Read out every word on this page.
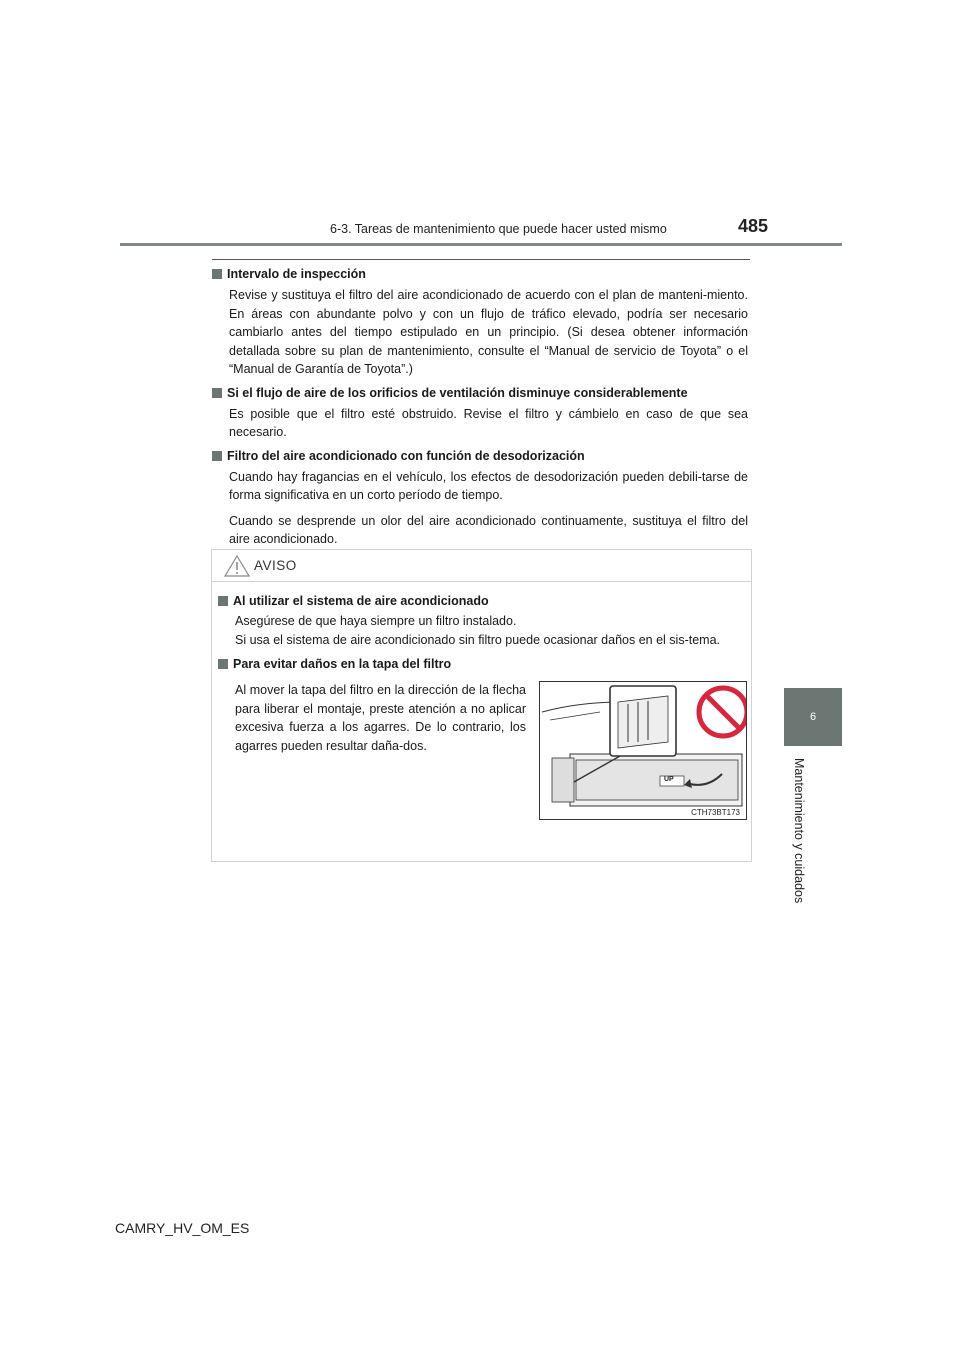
6-3. Tareas de mantenimiento que puede hacer usted mismo	485
6
Mantenimiento y cuidados
Intervalo de inspección

Revise y sustituya el filtro del aire acondicionado de acuerdo con el plan de manteni-miento. En áreas con abundante polvo y con un flujo de tráfico elevado, podría ser necesario cambiarlo antes del tiempo estipulado en un principio. (Si desea obtener información detallada sobre su plan de mantenimiento, consulte el “Manual de servicio de Toyota” o el “Manual de Garantía de Toyota”.)

Si el flujo de aire de los orificios de ventilación disminuye considerablemente

Es posible que el filtro esté obstruido. Revise el filtro y cámbielo en caso de que sea necesario.

Filtro del aire acondicionado con función de desodorización

Cuando hay fragancias en el vehículo, los efectos de desodorización pueden debili-tarse de forma significativa en un corto período de tiempo.

Cuando se desprende un olor del aire acondicionado continuamente, sustituya el filtro del aire acondicionado.

AVISO
Al utilizar el sistema de aire acondicionado

Asegúrese de que haya siempre un filtro instalado.

Si usa el sistema de aire acondicionado sin filtro puede ocasionar daños en el sis-tema.

Para evitar daños en la tapa del filtro
Al mover la tapa del filtro en la dirección de la flecha para liberar el montaje, preste atención a no aplicar excesiva fuerza a los agarres. De lo contrario, los agarres pueden resultar daña-dos.
UP
CTH73BT173
CAMRY_HV_OM_ES
